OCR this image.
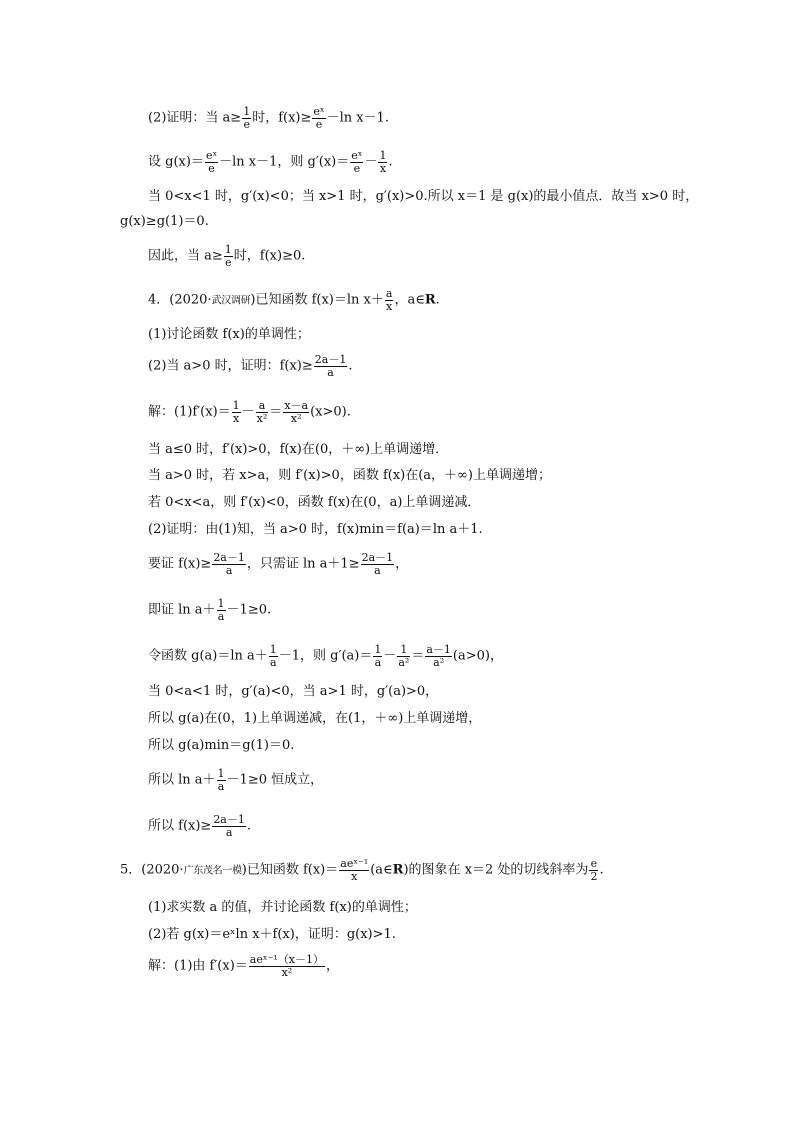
(2)证明：当 $a\ge \frac{1}{e}$ 时，$f(x)\ge \frac{\text{eˣ}}{e} -\ln$ x－1.
设 $g(x)= \frac{\text{eˣ}}{e} -\ln$ x－1，则 $g'(x)= \frac{\text{eˣ}}{e} - \frac{1}{x}$ .
当 0<x<1 时，g′(x)<0；当 x>1 时，g′(x)>0.所以 x＝1 是 g(x)的最小值点．故当 x>0 时，
g(x)≥g(1)＝0.
因此，当 $a\ge \frac{1}{e}$ 时，f(x)≥0.
4．(2020·武汉调研)已知函数 f(x)＝ln $x+ \frac{a}{x}$ ，a∈R.
(1)讨论函数 f(x)的单调性；
(2)当 a>0 时，证明：$f(x)\ge \frac{2a-1}{a}$ .
解：$(1)f'(x)= \frac{1}{x} - \frac{a}{\text{x²}} = \frac{x-a}{\text{x²}} (x>0)$.
当 a≤0 时，f′(x)>0，f(x)在(0，＋∞)上单调递增．
当 a>0 时，若 x>a，则 f′(x)>0，函数 f(x)在(a，＋∞)上单调递增；
若 0<x<a，则 f′(x)<0，函数 f(x)在(0，a)上单调递减．
(2)证明：由(1)知，当 a>0 时，f(x)min＝f(a)＝ln a＋1.
要证 $f(x)\ge \frac{2a-1}{a}$ ，只需证 $\ln a+1\ge \frac{2a-1}{a}$ ，
即证 $\ln a+ \frac{1}{a} -1\ge 0$.
令函数 g(a)＝ln $a+ \frac{1}{a} -1$，则 $g'(a)= \frac{1}{a} - \frac{1}{\text{a²}} = \frac{a-1}{\text{a²}} (a>0)$，
当 0<a<1 时，g′(a)<0，当 a>1 时，g′(a)>0，
所以 g(a)在(0，1)上单调递减，在(1，＋∞)上单调递增，
所以 g(a)min＝g(1)＝0.
所以 $\ln a+ \frac{1}{a} -1\ge 0$ 恒成立，
所以 $f(x)\ge \frac{2a-1}{a}$ .
5．(2020·广东茂名一模)已知函数 f(x)＝ aeˣ⁻¹
x (a∈R)的图象在 x＝2 处的切线斜率为 $\frac{e}{2}$ .
(1)求实数 a 的值，并讨论函数 f(x)的单调性；
(2)若 g(x)＝eˣln x＋f(x)，证明：g(x)>1.
解：(1)由 f′(x)＝ aeˣ⁻¹（x－1）
x²	，
